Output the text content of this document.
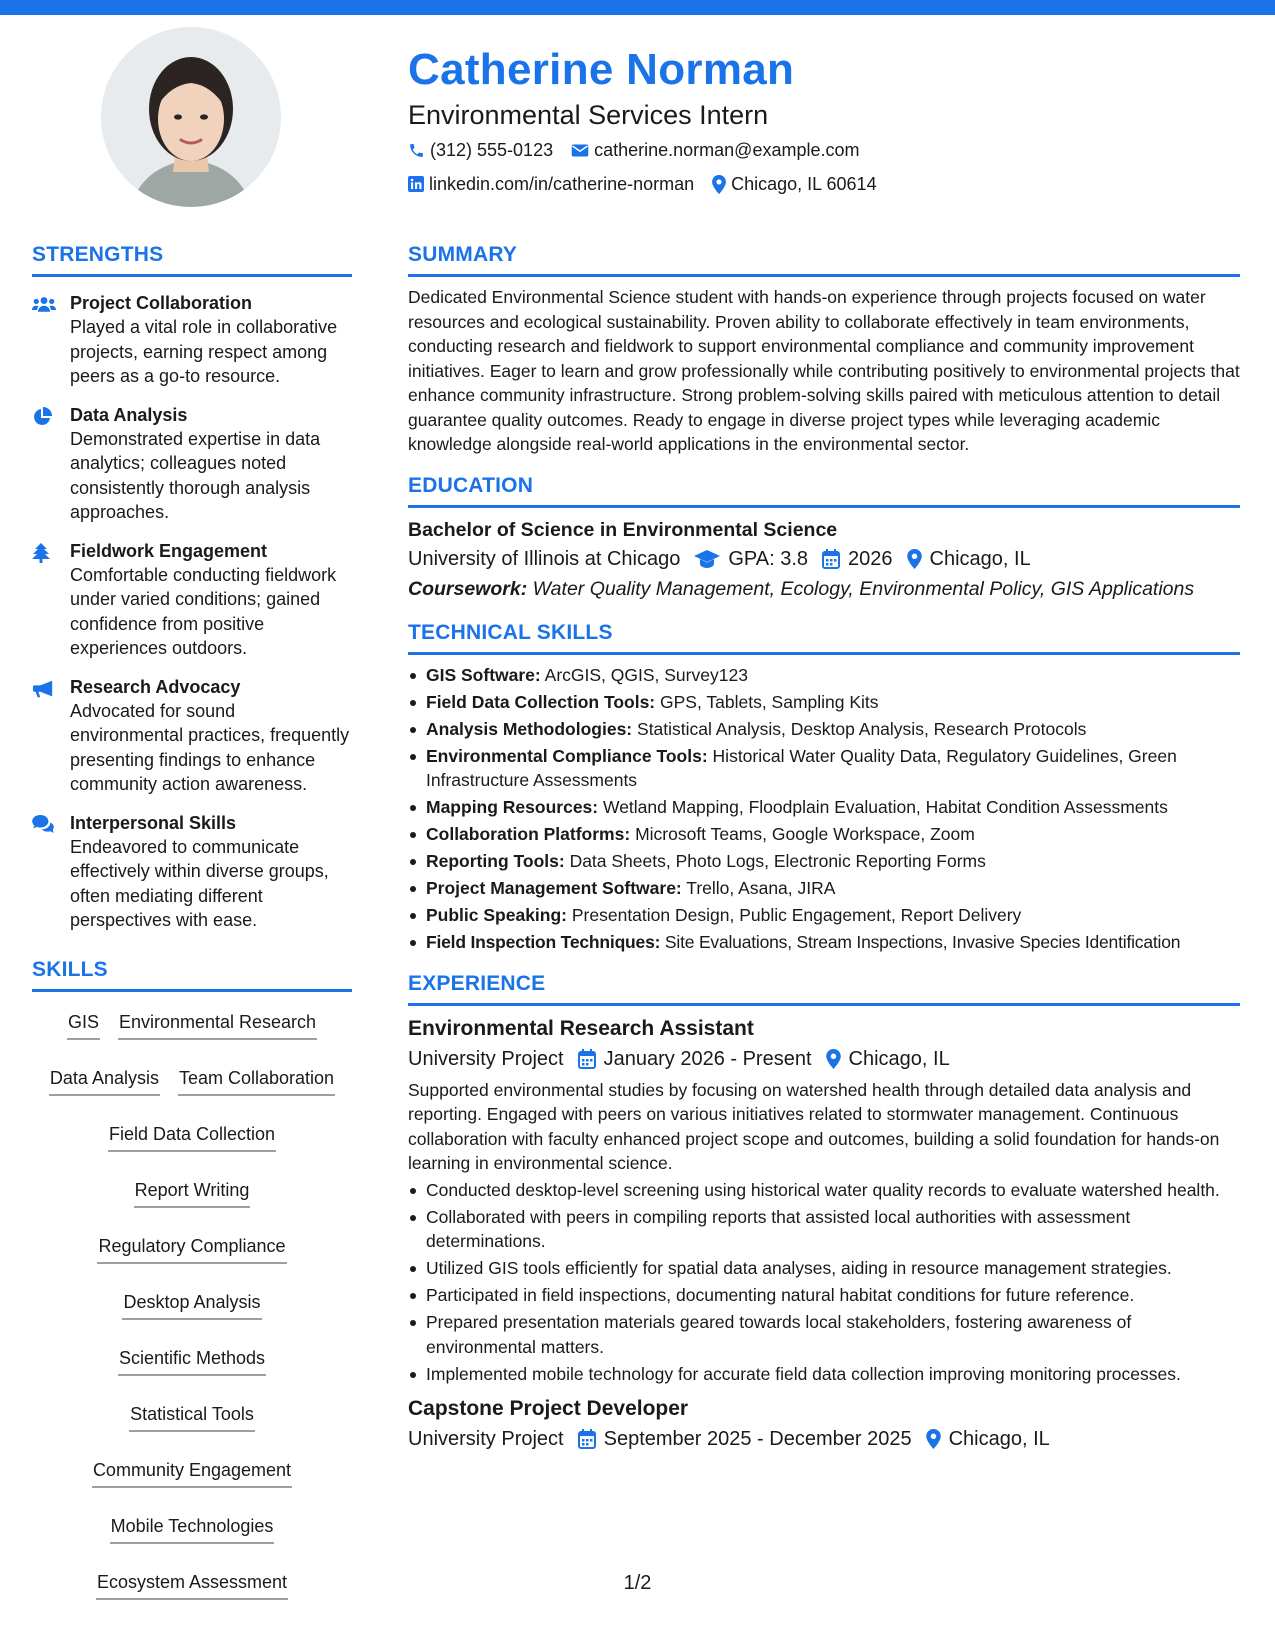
Catherine Norman
Environmental Services Intern
(312) 555-0123 catherine.norman@example.com
linkedin.com/in/catherine-norman Chicago, IL 60614
STRENGTHS
Project Collaboration
Played a vital role in collaborative projects, earning respect among peers as a go-to resource.
Data Analysis
Demonstrated expertise in data analytics; colleagues noted consistently thorough analysis approaches.
Fieldwork Engagement
Comfortable conducting fieldwork under varied conditions; gained confidence from positive experiences outdoors.
Research Advocacy
Advocated for sound environmental practices, frequently presenting findings to enhance community action awareness.
Interpersonal Skills
Endeavored to communicate effectively within diverse groups, often mediating different perspectives with ease.
SKILLS
GIS Environmental Research
Data Analysis Team Collaboration
Field Data Collection
Report Writing
Regulatory Compliance
Desktop Analysis
Scientific Methods
Statistical Tools
Community Engagement
Mobile Technologies
Ecosystem Assessment
SUMMARY
Dedicated Environmental Science student with hands-on experience through projects focused on water resources and ecological sustainability. Proven ability to collaborate effectively in team environments, conducting research and fieldwork to support environmental compliance and community improvement initiatives. Eager to learn and grow professionally while contributing positively to environmental projects that enhance community infrastructure. Strong problem-solving skills paired with meticulous attention to detail guarantee quality outcomes. Ready to engage in diverse project types while leveraging academic knowledge alongside real-world applications in the environmental sector.
EDUCATION
Bachelor of Science in Environmental Science
University of Illinois at Chicago GPA: 3.8 2026 Chicago, IL
Coursework: Water Quality Management, Ecology, Environmental Policy, GIS Applications
TECHNICAL SKILLS
GIS Software: ArcGIS, QGIS, Survey123
Field Data Collection Tools: GPS, Tablets, Sampling Kits
Analysis Methodologies: Statistical Analysis, Desktop Analysis, Research Protocols
Environmental Compliance Tools: Historical Water Quality Data, Regulatory Guidelines, Green Infrastructure Assessments
Mapping Resources: Wetland Mapping, Floodplain Evaluation, Habitat Condition Assessments
Collaboration Platforms: Microsoft Teams, Google Workspace, Zoom
Reporting Tools: Data Sheets, Photo Logs, Electronic Reporting Forms
Project Management Software: Trello, Asana, JIRA
Public Speaking: Presentation Design, Public Engagement, Report Delivery
Field Inspection Techniques: Site Evaluations, Stream Inspections, Invasive Species Identification
EXPERIENCE
Environmental Research Assistant
University Project January 2026 - Present Chicago, IL
Supported environmental studies by focusing on watershed health through detailed data analysis and reporting. Engaged with peers on various initiatives related to stormwater management. Continuous collaboration with faculty enhanced project scope and outcomes, building a solid foundation for hands-on learning in environmental science.
Conducted desktop-level screening using historical water quality records to evaluate watershed health.
Collaborated with peers in compiling reports that assisted local authorities with assessment determinations.
Utilized GIS tools efficiently for spatial data analyses, aiding in resource management strategies.
Participated in field inspections, documenting natural habitat conditions for future reference.
Prepared presentation materials geared towards local stakeholders, fostering awareness of environmental matters.
Implemented mobile technology for accurate field data collection improving monitoring processes.
Capstone Project Developer
University Project September 2025 - December 2025 Chicago, IL
1/2
